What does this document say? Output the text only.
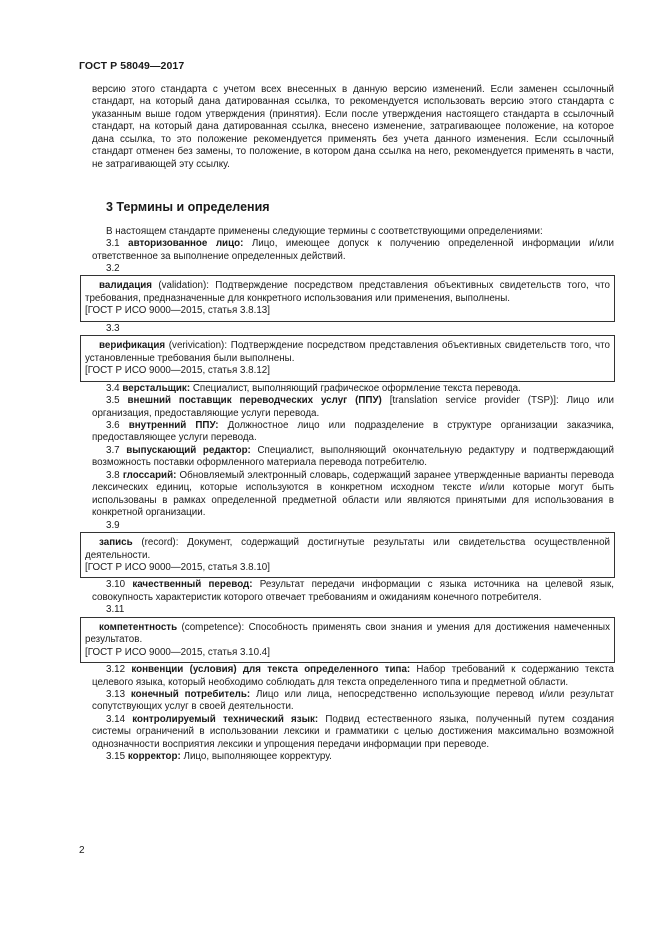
ГОСТ Р 58049—2017

версию этого стандарта с учетом всех внесенных в данную версию изменений. Если заменен ссылочный стандарт, на который дана датированная ссылка, то рекомендуется использовать версию этого стандарта с указанным выше годом утверждения (принятия). Если после утверждения настоящего стандарта в ссылочный стандарт, на который дана датированная ссылка, внесено изменение, затрагивающее положение, на которое дана ссылка, то это положение рекомендуется применять без учета данного изменения. Если ссылочный стандарт отменен без замены, то положение, в котором дана ссылка на него, рекомендуется применять в части, не затрагивающей эту ссылку.

3 Термины и определения

В настоящем стандарте применены следующие термины с соответствующими определениями:

3.1 авторизованное лицо: Лицо, имеющее допуск к получению определенной информации и/или ответственное за выполнение определенных действий.

3.2

валидация (validation): Подтверждение посредством представления объективных свидетельств того, что требования, предназначенные для конкретного использования или применения, выполнены.

[ГОСТ Р ИСО 9000—2015, статья 3.8.13]

3.3

верификация (verivication): Подтверждение посредством представления объективных свидетельств того, что установленные требования были выполнены.

[ГОСТ Р ИСО 9000—2015, статья 3.8.12]

3.4 верстальщик: Специалист, выполняющий графическое оформление текста перевода.

3.5 внешний поставщик переводческих услуг (ППУ) [translation service provider (TSP)]: Лицо или организация, предоставляющие услуги перевода.

3.6 внутренний ППУ: Должностное лицо или подразделение в структуре организации заказчика, предоставляющее услуги перевода.

3.7 выпускающий редактор: Специалист, выполняющий окончательную редактуру и подтверждающий возможность поставки оформленного материала перевода потребителю.

3.8 глоссарий: Обновляемый электронный словарь, содержащий заранее утвержденные варианты перевода лексических единиц, которые используются в конкретном исходном тексте и/или которые могут быть использованы в рамках определенной предметной области или являются принятыми для использования в конкретной организации.

3.9

запись (record): Документ, содержащий достигнутые результаты или свидетельства осуществленной деятельности.

[ГОСТ Р ИСО 9000—2015, статья 3.8.10]

3.10 качественный перевод: Результат передачи информации с языка источника на целевой язык, совокупность характеристик которого отвечает требованиям и ожиданиям конечного потребителя.

3.11

компетентность (competence): Способность применять свои знания и умения для достижения намеченных результатов.

[ГОСТ Р ИСО 9000—2015, статья 3.10.4]

3.12 конвенции (условия) для текста определенного типа: Набор требований к содержанию текста целевого языка, который необходимо соблюдать для текста определенного типа и предметной области.

3.13 конечный потребитель: Лицо или лица, непосредственно использующие перевод и/или результат сопутствующих услуг в своей деятельности.

3.14 контролируемый технический язык: Подвид естественного языка, полученный путем создания системы ограничений в использовании лексики и грамматики с целью достижения максимально возможной однозначности восприятия лексики и упрощения передачи информации при переводе.

3.15 корректор: Лицо, выполняющее корректуру.

2
